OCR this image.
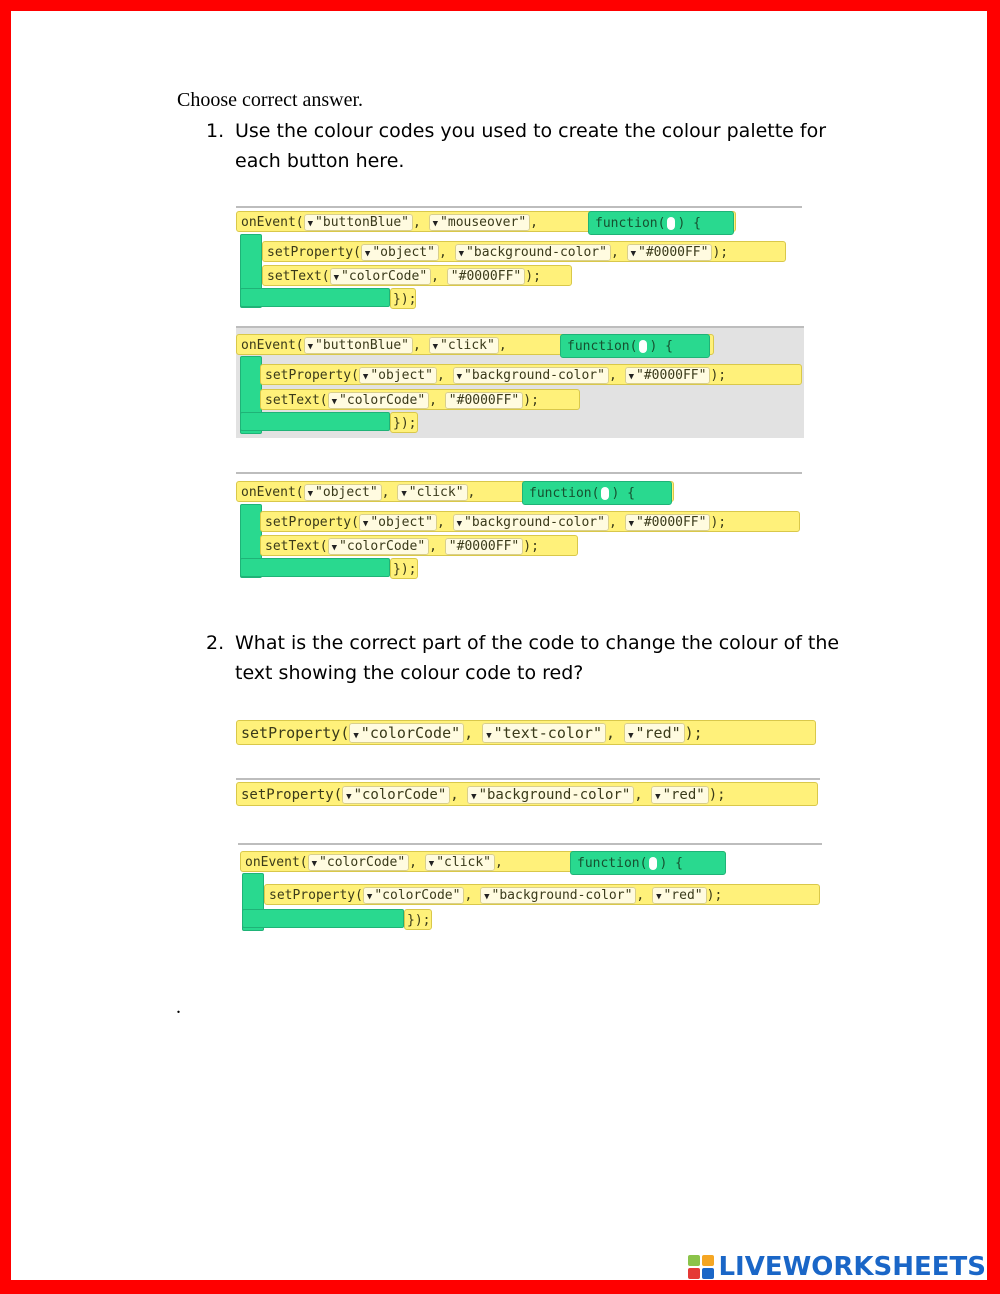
Choose correct answer.
1. Use the colour codes you used to create the colour palette for each button here.
onEvent( ▼ "buttonBlue" , ▼ "mouseover" ,	function( ) {
setProperty( ▼ "object" , ▼ "background-color" , ▼ "#0000FF" );
setText( ▼ "colorCode" , "#0000FF" );
});
onEvent( ▼ "buttonBlue" , ▼ "click" ,	function( ) {
setProperty( ▼ "object" , ▼ "background-color" , ▼ "#0000FF" );
setText( ▼ "colorCode" , "#0000FF" );
});
onEvent( ▼ "object" , ▼ "click" ,	function( ) {
setProperty( ▼ "object" , ▼ "background-color" , ▼ "#0000FF" );
setText( ▼ "colorCode" , "#0000FF" );
});
2. What is the correct part of the code to change the colour of the text showing the colour code to red?
setProperty( ▼ "colorCode" , ▼ "text-color" , ▼ "red" );
setProperty( ▼ "colorCode" , ▼ "background-color" , ▼ "red" );
onEvent( ▼ "colorCode" , ▼ "click" ,	function( ) {
setProperty( ▼ "colorCode" , ▼ "background-color" , ▼ "red" );
});
.
LIVEWORKSHEETS
